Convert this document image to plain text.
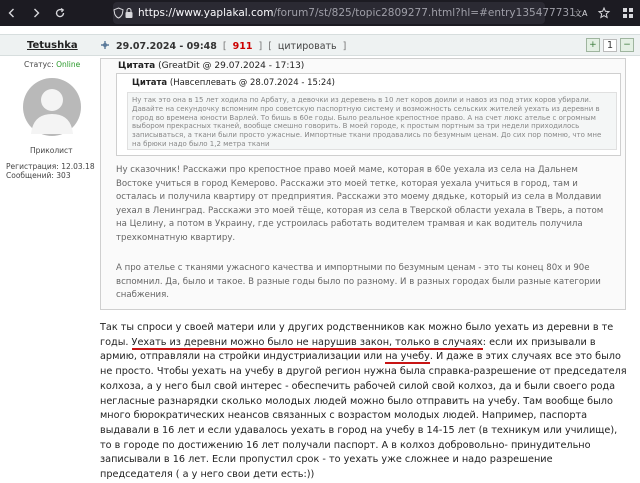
https://www.yaplakal.com/forum7/st/825/topic2809277.html?hl=#entry135477731
文A
Tetushka	29.07.2024 - 09:48 [ 911 ] [ цитировать ]	+	1	−
Статус: Online
Приколист
Регистрация: 12.03.18
Сообщений: 303
Цитата (GreatDit @ 29.07.2024 - 17:13)
Цитата (Навсеплевать @ 28.07.2024 - 15:24)
Ну так это она в 15 лет ходила по Арбату, а девочки из деревень в 10 лет коров доили и навоз из под этих коров убирали. Давайте на секундочку вспомним про советскую паспортную систему и возможность сельских жителей уехать из деревни в город во времена юности Варлей. То бишь в 60е годы. Было реальное крепостное право. А на счет люкс ателье с огромным выбором прекрасных тканей, вообще смешно говорить. В моей городе, к простым портным за три недели приходилось записываться, а ткани были просто ужасные. Импортные ткани продавались по безумным ценам. До сих пор помню, что мне на брюки надо было 1,2 метра ткани
Ну сказочник! Расскажи про крепостное право моей маме, которая в 60е уехала из села на Дальнем Востоке учиться в город Кемерово. Расскажи это моей тетке, которая уехала учиться в город, там и осталась и получила квартиру от предприятия. Расскажи это моему дядьке, который из села в Молдавии уехал в Ленинград. Расскажи это моей тёще, которая из села в Тверской области уехала в Тверь, а потом на Целину, а потом в Украину, где устроилась работать водителем трамвая и как водитель получила трехкомнатную квартиру.
А про ателье с тканями ужасного качества и импортными по безумным ценам - это ты конец 80х и 90е вспомнил. Да, было и такое. В разные годы было по разному. И в разных городах были разные категории снабжения.
Так ты спроси у своей матери или у других родственников как можно было уехать из деревни в те годы. Уехать из деревни можно было не нарушив закон, только в случаях: если их призывали в армию, отправляли на стройки индустриализации или на учебу. И даже в этих случаях все это было не просто. Чтобы уехать на учебу в другой регион нужна была справка-разрешение от председателя колхоза, а у него был свой интерес - обеспечить рабочей силой свой колхоз, да и были своего рода негласные разнарядки сколько молодых людей можно было отправить на учебу. Там вообще было много бюрократических неансов связанных с возрастом молодых людей. Например, паспорта выдавали в 16 лет и если удавалось уехать в город на учебу в 14-15 лет (в техникум или училище), то в городе по достижению 16 лет получали паспорт. А в колхоз добровольно- принудительно записывали в 16 лет. Если пропустил срок - то уехать уже сложнее и надо разрешение председателя ( а у него свои дети есть:))
